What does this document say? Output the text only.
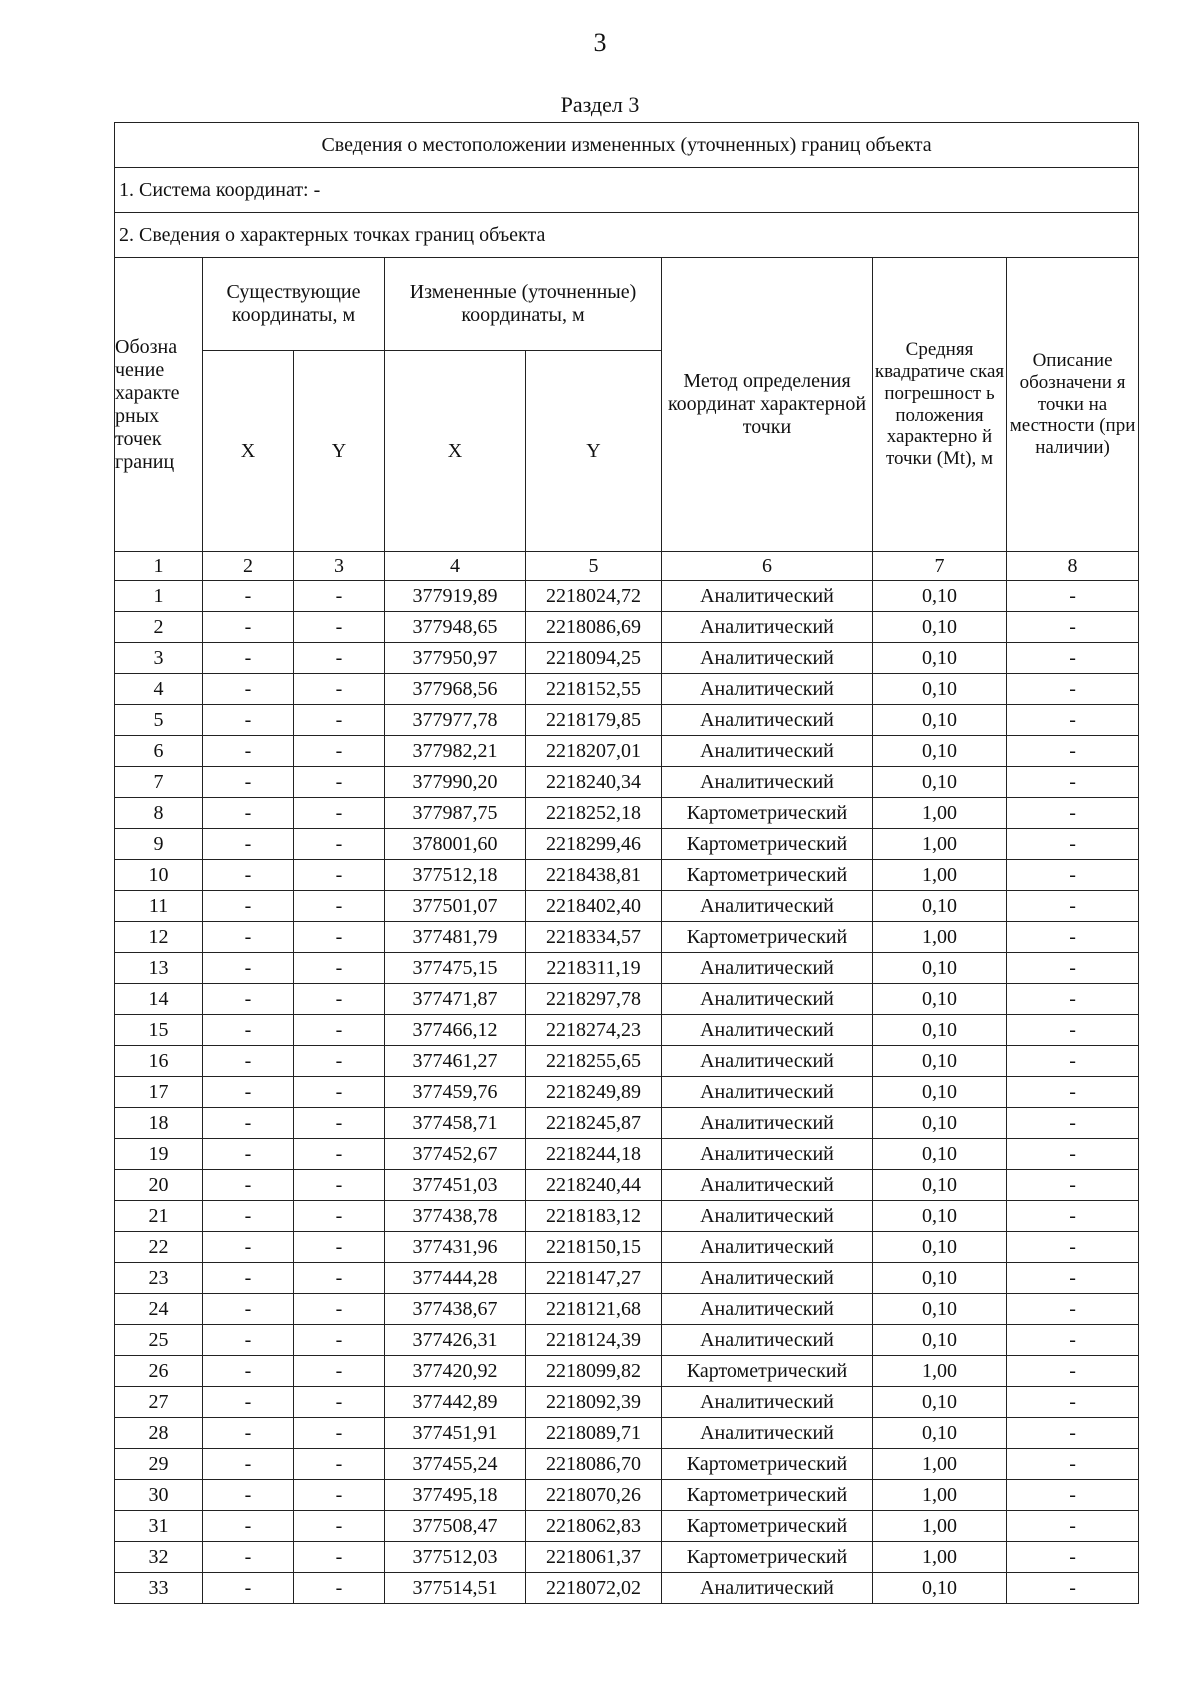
3
Раздел 3
Сведения о местоположении измененных (уточненных) границ объекта							
1. Система координат: -							
2. Сведения о характерных точках границ объекта							
Обозна чение характе рных точек границ	Существующие координаты, м		Измененные (уточненные) координаты, м		Метод определения координат характерной точки	Средняя квадратиче ская погрешност ь положения характерно й точки (Mt), м	Описание обозначени я точки на местности (при наличии)
	X	Y	X	Y			
1	2	3	4	5	6	7	8
1	-	-	377919,89	2218024,72	Аналитический	0,10	-
2	-	-	377948,65	2218086,69	Аналитический	0,10	-
3	-	-	377950,97	2218094,25	Аналитический	0,10	-
4	-	-	377968,56	2218152,55	Аналитический	0,10	-
5	-	-	377977,78	2218179,85	Аналитический	0,10	-
6	-	-	377982,21	2218207,01	Аналитический	0,10	-
7	-	-	377990,20	2218240,34	Аналитический	0,10	-
8	-	-	377987,75	2218252,18	Картометрический	1,00	-
9	-	-	378001,60	2218299,46	Картометрический	1,00	-
10	-	-	377512,18	2218438,81	Картометрический	1,00	-
11	-	-	377501,07	2218402,40	Аналитический	0,10	-
12	-	-	377481,79	2218334,57	Картометрический	1,00	-
13	-	-	377475,15	2218311,19	Аналитический	0,10	-
14	-	-	377471,87	2218297,78	Аналитический	0,10	-
15	-	-	377466,12	2218274,23	Аналитический	0,10	-
16	-	-	377461,27	2218255,65	Аналитический	0,10	-
17	-	-	377459,76	2218249,89	Аналитический	0,10	-
18	-	-	377458,71	2218245,87	Аналитический	0,10	-
19	-	-	377452,67	2218244,18	Аналитический	0,10	-
20	-	-	377451,03	2218240,44	Аналитический	0,10	-
21	-	-	377438,78	2218183,12	Аналитический	0,10	-
22	-	-	377431,96	2218150,15	Аналитический	0,10	-
23	-	-	377444,28	2218147,27	Аналитический	0,10	-
24	-	-	377438,67	2218121,68	Аналитический	0,10	-
25	-	-	377426,31	2218124,39	Аналитический	0,10	-
26	-	-	377420,92	2218099,82	Картометрический	1,00	-
27	-	-	377442,89	2218092,39	Аналитический	0,10	-
28	-	-	377451,91	2218089,71	Аналитический	0,10	-
29	-	-	377455,24	2218086,70	Картометрический	1,00	-
30	-	-	377495,18	2218070,26	Картометрический	1,00	-
31	-	-	377508,47	2218062,83	Картометрический	1,00	-
32	-	-	377512,03	2218061,37	Картометрический	1,00	-
33	-	-	377514,51	2218072,02	Аналитический	0,10	-
